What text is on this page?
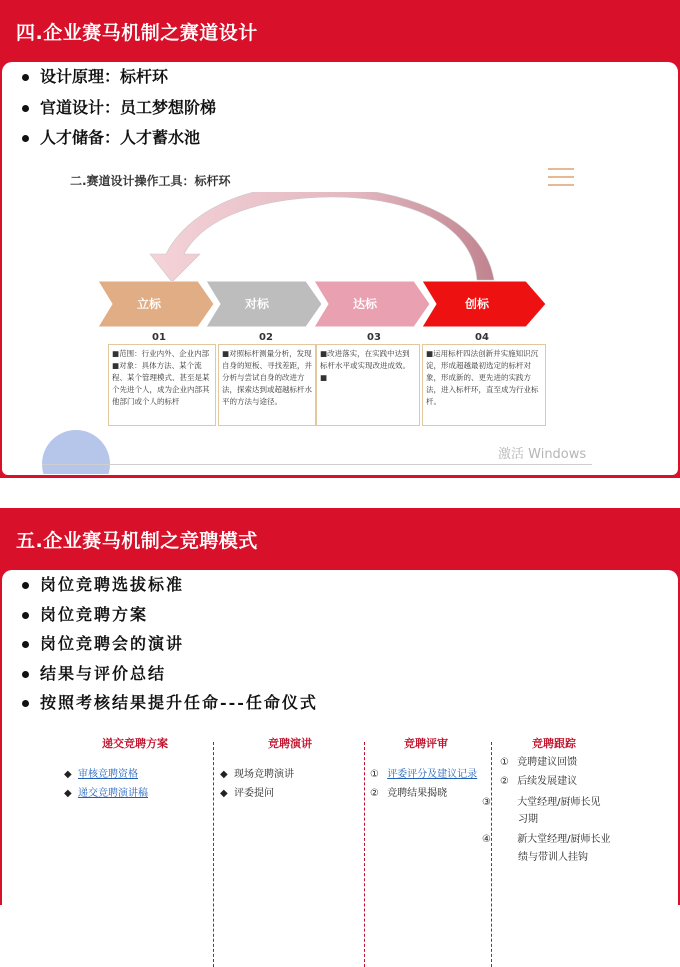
四.企业赛马机制之赛道设计
设计原理：标杆环
官道设计：员工梦想阶梯
人才储备：人才蓄水池
二.赛道设计操作工具：标杆环
立标	对标	达标	创标
01	02	03	04
■范围：行业内外、企业内部
■对象：具体方法、某个流程、某个管理模式、甚至是某个先进个人，成为企业内部其他部门或个人的标杆
■对照标杆测量分析，发现自身的短板、寻找差距，并分析与尝试自身的改进方法，探索达到或超越标杆水平的方法与途径。
■改进落实，在实践中达到标杆水平或实现改进成效。
■
■运用标杆四法创新并实施知识沉淀，形成超越最初选定的标杆对象，形成新的、更先进的实践方法，进入标杆环，直至成为行业标杆。
激活 Windows
五.企业赛马机制之竞聘模式
岗位竞聘选拔标准
岗位竞聘方案
岗位竞聘会的演讲
结果与评价总结
按照考核结果提升任命---任命仪式
递交竞聘方案
◆ 审核竞聘资格
◆ 递交竞聘演讲稿
竞聘演讲
◆ 现场竞聘演讲
◆ 评委提问
竞聘评审
① 评委评分及建议记录
② 竞聘结果揭晓
竞聘跟踪
① 竞聘建议回馈
② 后续发展建议
③	大堂经理/厨师长见习期
④	新大堂经理/厨师长业绩与带训人挂钩
